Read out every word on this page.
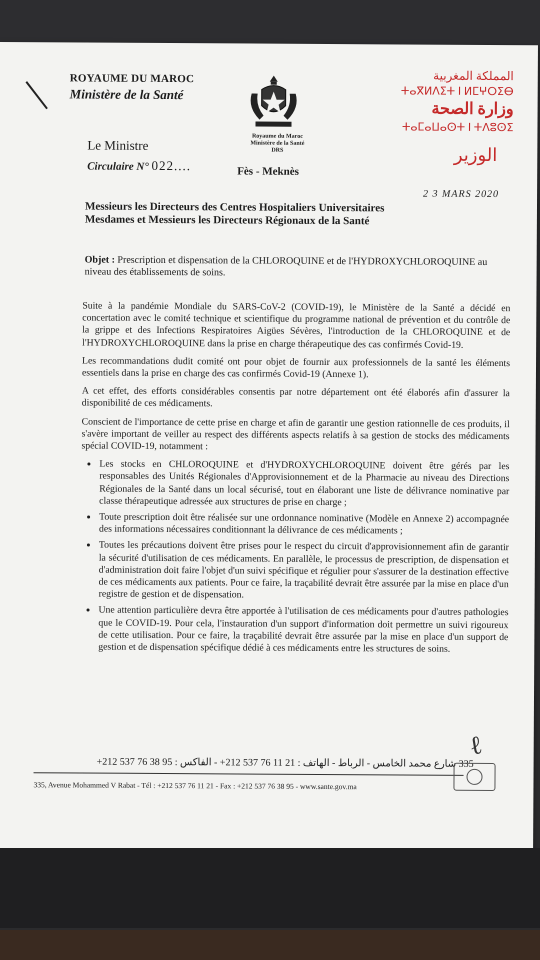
ROYAUME DU MAROC
Ministère de la Santé
Royaume du Maroc
Ministère de la Santé
DRS
Fès - Meknès
Le Ministre
Circulaire N° 022....
المملكة المغربية
ⵜⴰⴳⵍⴷⵉⵜ ⵏ ⵍⵎⵖⵔⵉⴱ
وزارة الصحة
ⵜⴰⵎⴰⵡⴰⵙⵜ ⵏ ⵜⴷⵓⵙⵉ
الوزير
2 3 MARS 2020
Messieurs les Directeurs des Centres Hospitaliers Universitaires
Mesdames et Messieurs les Directeurs Régionaux de la Santé
Objet : Prescription et dispensation de la CHLOROQUINE et de l'HYDROXYCHLOROQUINE au niveau des établissements de soins.

Suite à la pandémie Mondiale du SARS-CoV-2 (COVID-19), le Ministère de la Santé a décidé en concertation avec le comité technique et scientifique du programme national de prévention et du contrôle de la grippe et des Infections Respiratoires Aigües Sévères, l'introduction de la CHLOROQUINE et de l'HYDROXYCHLOROQUINE dans la prise en charge thérapeutique des cas confirmés Covid-19.

Les recommandations dudit comité ont pour objet de fournir aux professionnels de la santé les éléments essentiels dans la prise en charge des cas confirmés Covid-19 (Annexe 1).

A cet effet, des efforts considérables consentis par notre département ont été élaborés afin d'assurer la disponibilité de ces médicaments.

Conscient de l'importance de cette prise en charge et afin de garantir une gestion rationnelle de ces produits, il s'avère important de veiller au respect des différents aspects relatifs à sa gestion de stocks des médicaments spécial COVID-19, notamment :

• Les stocks en CHLOROQUINE et d'HYDROXYCHLOROQUINE doivent être gérés par les responsables des Unités Régionales d'Approvisionnement et de la Pharmacie au niveau des Directions Régionales de la Santé dans un local sécurisé, tout en élaborant une liste de délivrance nominative par classe thérapeutique adressée aux structures de prise en charge ;
• Toute prescription doit être réalisée sur une ordonnance nominative (Modèle en Annexe 2) accompagnée des informations nécessaires conditionnant la délivrance de ces médicaments ;
• Toutes les précautions doivent être prises pour le respect du circuit d'approvisionnement afin de garantir la sécurité d'utilisation de ces médicaments. En parallèle, le processus de prescription, de dispensation et d'administration doit faire l'objet d'un suivi spécifique et régulier pour s'assurer de la destination effective de ces médicaments aux patients. Pour ce faire, la traçabilité devrait être assurée par la mise en place d'un registre de gestion et de dispensation.
• Une attention particulière devra être apportée à l'utilisation de ces médicaments pour d'autres pathologies que le COVID-19. Pour cela, l'instauration d'un support d'information doit permettre un suivi rigoureux de cette utilisation. Pour ce faire, la traçabilité devrait être assurée par la mise en place d'un support de gestion et de dispensation spécifique dédié à ces médicaments entre les structures de soins.
ℓ
335 شارع محمد الخامس - الرباط - الهاتف : 21 11 76 537 212+ - الفاكس : 95 38 76 537 212+
335, Avenue Mohammed V Rabat - Tél : +212 537 76 11 21 - Fax : +212 537 76 38 95 - www.sante.gov.ma
